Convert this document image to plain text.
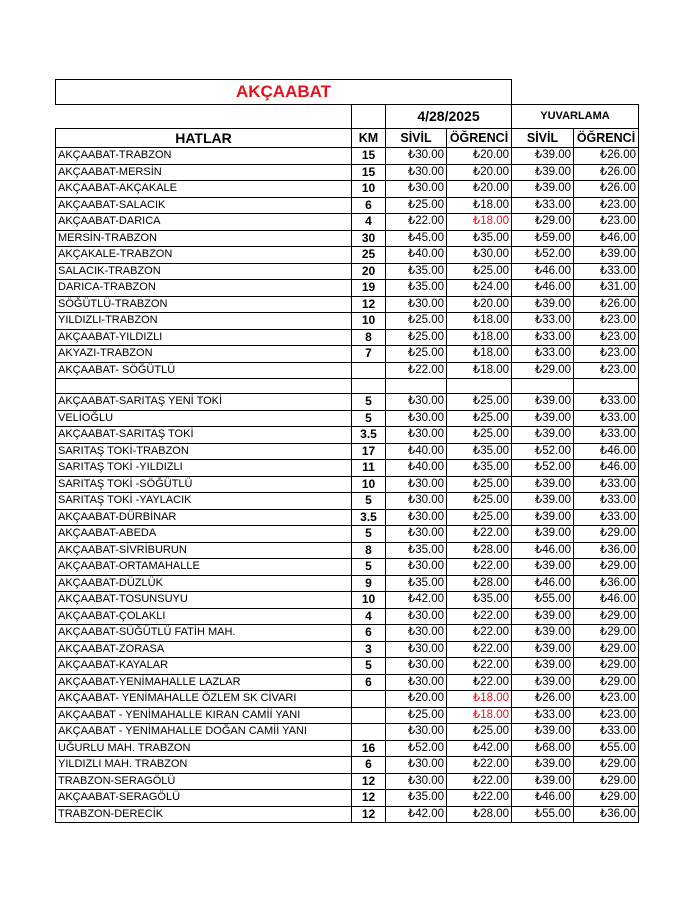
AKÇAABAT
		4/28/2025		YUVARLAMA	
HATLAR	KM	SİVİL	ÖĞRENCİ	SİVİL	ÖĞRENCİ
AKÇAABAT-TRABZON	15	₺30.00	₺20.00	₺39.00	₺26.00
AKÇAABAT-MERSİN	15	₺30.00	₺20.00	₺39.00	₺26.00
AKÇAABAT-AKÇAKALE	10	₺30.00	₺20.00	₺39.00	₺26.00
AKÇAABAT-SALACIK	6	₺25.00	₺18.00	₺33.00	₺23.00
AKÇAABAT-DARICA	4	₺22.00	₺18.00	₺29.00	₺23.00
MERSİN-TRABZON	30	₺45.00	₺35.00	₺59.00	₺46.00
AKÇAKALE-TRABZON	25	₺40.00	₺30.00	₺52.00	₺39.00
SALACIK-TRABZON	20	₺35.00	₺25.00	₺46.00	₺33.00
DARICA-TRABZON	19	₺35.00	₺24.00	₺46.00	₺31.00
SÖĞÜTLÜ-TRABZON	12	₺30.00	₺20.00	₺39.00	₺26.00
YILDIZLI-TRABZON	10	₺25.00	₺18.00	₺33.00	₺23.00
AKÇAABAT-YILDIZLI	8	₺25.00	₺18.00	₺33.00	₺23.00
AKYAZI-TRABZON	7	₺25.00	₺18.00	₺33.00	₺23.00
AKÇAABAT- SÖĞÜTLÜ		₺22.00	₺18.00	₺29.00	₺23.00

AKÇAABAT-SARITAŞ YENİ TOKİ	5	₺30.00	₺25.00	₺39.00	₺33.00
VELİOĞLU	5	₺30.00	₺25.00	₺39.00	₺33.00
AKÇAABAT-SARITAŞ TOKİ	3.5	₺30.00	₺25.00	₺39.00	₺33.00
SARITAŞ TOKİ-TRABZON	17	₺40.00	₺35.00	₺52.00	₺46.00
SARITAŞ TOKİ -YILDIZLI	11	₺40.00	₺35.00	₺52.00	₺46.00
SARITAŞ TOKİ -SÖĞÜTLÜ	10	₺30.00	₺25.00	₺39.00	₺33.00
SARITAŞ TOKİ -YAYLACIK	5	₺30.00	₺25.00	₺39.00	₺33.00
AKÇAABAT-DÜRBİNAR	3.5	₺30.00	₺25.00	₺39.00	₺33.00
AKÇAABAT-ABEDA	5	₺30.00	₺22.00	₺39.00	₺29.00
AKÇAABAT-SİVRİBURUN	8	₺35.00	₺28.00	₺46.00	₺36.00
AKÇAABAT-ORTAMAHALLE	5	₺30.00	₺22.00	₺39.00	₺29.00
AKÇAABAT-DÜZLÜK	9	₺35.00	₺28.00	₺46.00	₺36.00
AKÇAABAT-TOSUNSUYU	10	₺42.00	₺35.00	₺55.00	₺46.00
AKÇAABAT-ÇOLAKLI	4	₺30.00	₺22.00	₺39.00	₺29.00
AKÇAABAT-SÜĞÜTLÜ FATİH MAH.	6	₺30.00	₺22.00	₺39.00	₺29.00
AKÇAABAT-ZORASA	3	₺30.00	₺22.00	₺39.00	₺29.00
AKÇAABAT-KAYALAR	5	₺30.00	₺22.00	₺39.00	₺29.00
AKÇAABAT-YENİMAHALLE LAZLAR	6	₺30.00	₺22.00	₺39.00	₺29.00
AKÇAABAT- YENİMAHALLE ÖZLEM SK CİVARI		₺20.00	₺18.00	₺26.00	₺23.00
AKÇAABAT - YENİMAHALLE KIRAN CAMİİ YANI		₺25.00	₺18.00	₺33.00	₺23.00
AKÇAABAT - YENİMAHALLE DOĞAN CAMİİ YANI		₺30.00	₺25.00	₺39.00	₺33.00
UĞURLU MAH. TRABZON	16	₺52.00	₺42.00	₺68.00	₺55.00
YILDIZLI MAH. TRABZON	6	₺30.00	₺22.00	₺39.00	₺29.00
TRABZON-SERAGÖLÜ	12	₺30.00	₺22.00	₺39.00	₺29.00
AKÇAABAT-SERAGÖLÜ	12	₺35.00	₺22.00	₺46.00	₺29.00
TRABZON-DERECİK	12	₺42.00	₺28.00	₺55.00	₺36.00
